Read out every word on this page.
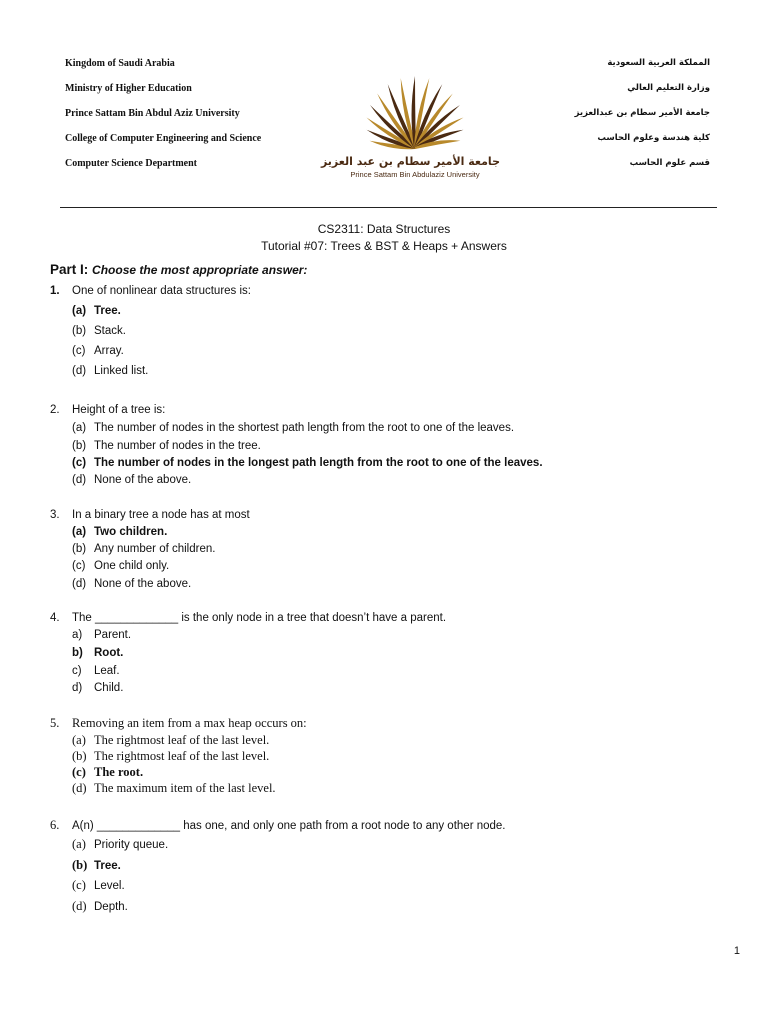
Kingdom of Saudi Arabia
Ministry of Higher Education
Prince Sattam Bin Abdul Aziz University
College of Computer Engineering and Science
Computer Science Department
المملكة العربية السعودية
وزارة التعليم العالي
جامعة الأمير سطام بن عبدالعزيز
كلية هندسة وعلوم الحاسب
قسم علوم الحاسب
جامعة الأمير سطام بن عبد العزيز
Prince Sattam Bin Abdulaziz University
CS2311: Data Structures
Tutorial #07: Trees & BST & Heaps + Answers
Part I: Choose the most appropriate answer:
1. One of nonlinear data structures is:
(a) Tree.
(b) Stack.
(c) Array.
(d) Linked list.
2. Height of a tree is:
(a) The number of nodes in the shortest path length from the root to one of the leaves.
(b) The number of nodes in the tree.
(c) The number of nodes in the longest path length from the root to one of the leaves.
(d) None of the above.
3. In a binary tree a node has at most
(a) Two children.
(b) Any number of children.
(c) One child only.
(d) None of the above.
4. The _____________ is the only node in a tree that doesn’t have a parent.
a) Parent.
b) Root.
c) Leaf.
d) Child.
5. Removing an item from a max heap occurs on:
(a) The rightmost leaf of the last level.
(b) The rightmost leaf of the last level.
(c) The root.
(d) The maximum item of the last level.
6. A(n) _____________ has one, and only one path from a root node to any other node.
(a) Priority queue.
(b) Tree.
(c) Level.
(d) Depth.
1
